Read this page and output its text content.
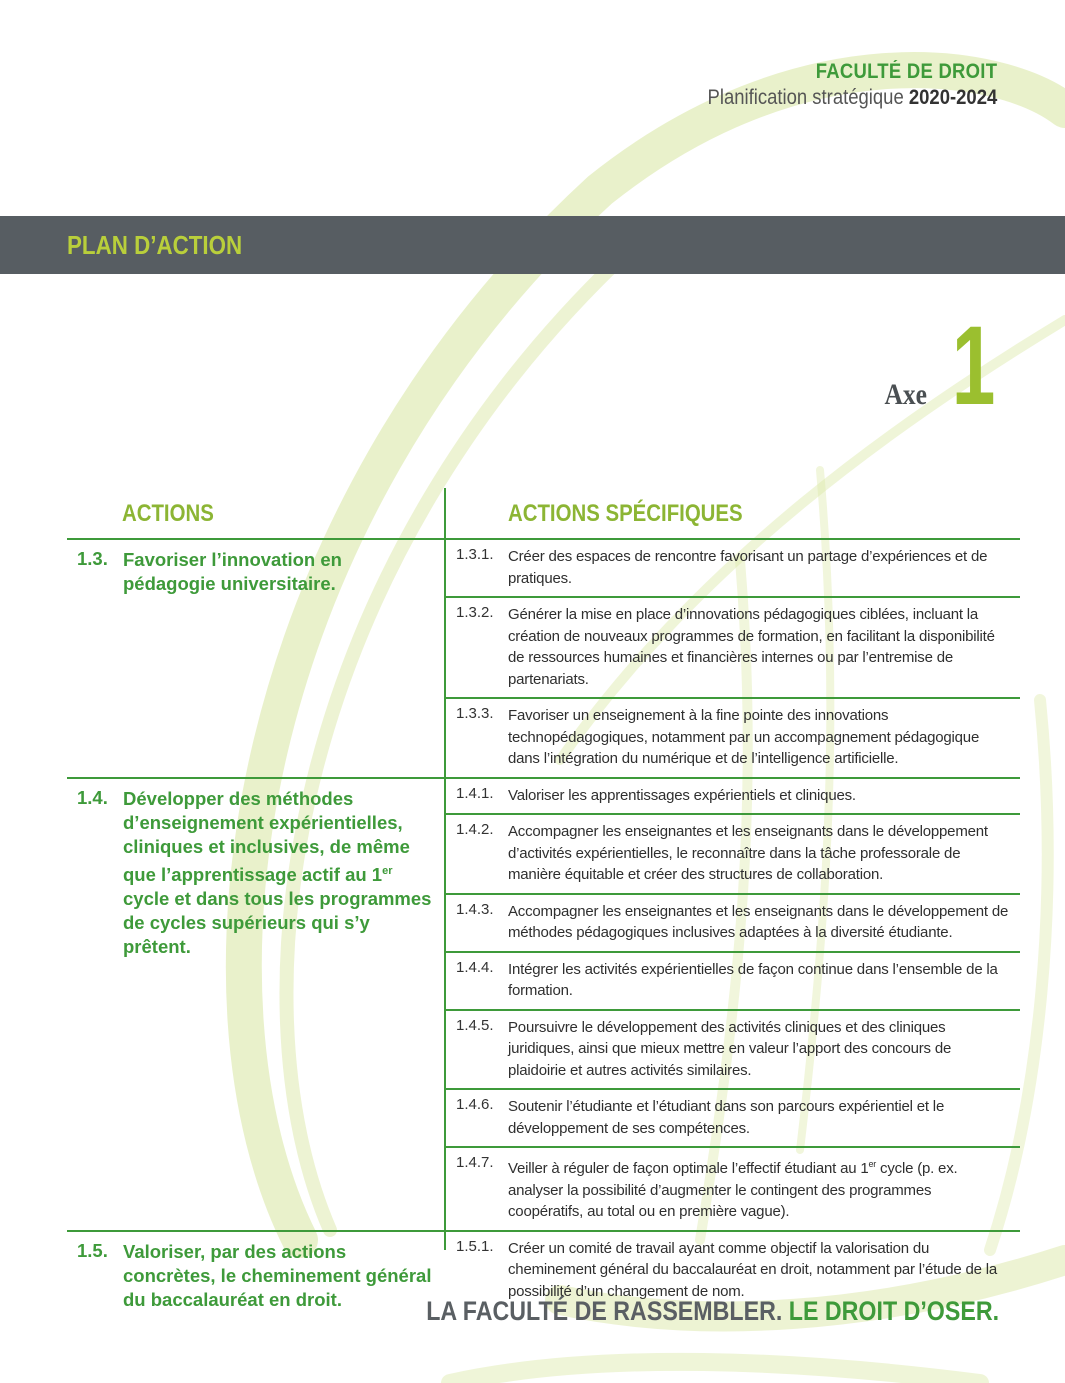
FACULTÉ DE DROIT
Planification stratégique 2020-2024
PLAN D’ACTION
Axe 1
ACTIONS	ACTIONS SPÉCIFIQUES
1.3. Favoriser l’innovation en pédagogie universitaire.
1.3.1. Créer des espaces de rencontre favorisant un partage d’expériences et de pratiques.
1.3.2. Générer la mise en place d’innovations pédagogiques ciblées, incluant la création de nouveaux programmes de formation, en facilitant la disponibilité de ressources humaines et financières internes ou par l’entremise de partenariats.
1.3.3. Favoriser un enseignement à la fine pointe des innovations technopédagogiques, notamment par un accompagnement pédagogique dans l’intégration du numérique et de l’intelligence artificielle.
1.4. Développer des méthodes d’enseignement expérientielles, cliniques et inclusives, de même que l’apprentissage actif au 1er cycle et dans tous les programmes de cycles supérieurs qui s’y prêtent.
1.4.1. Valoriser les apprentissages expérientiels et cliniques.
1.4.2. Accompagner les enseignantes et les enseignants dans le développement d’activités expérientielles, le reconnaître dans la tâche professorale de manière équitable et créer des structures de collaboration.
1.4.3. Accompagner les enseignantes et les enseignants dans le développement de méthodes pédagogiques inclusives adaptées à la diversité étudiante.
1.4.4. Intégrer les activités expérientielles de façon continue dans l’ensemble de la formation.
1.4.5. Poursuivre le développement des activités cliniques et des cliniques juridiques, ainsi que mieux mettre en valeur l’apport des concours de plaidoirie et autres activités similaires.
1.4.6. Soutenir l’étudiante et l’étudiant dans son parcours expérientiel et le développement de ses compétences.
1.4.7. Veiller à réguler de façon optimale l’effectif étudiant au 1er cycle (p. ex. analyser la possibilité d’augmenter le contingent des programmes coopératifs, au total ou en première vague).
1.5. Valoriser, par des actions concrètes, le cheminement général du baccalauréat en droit.
1.5.1. Créer un comité de travail ayant comme objectif la valorisation du cheminement général du baccalauréat en droit, notamment par l’étude de la possibilité d’un changement de nom.
LA FACULTÉ DE RASSEMBLER. LE DROIT D’OSER.
